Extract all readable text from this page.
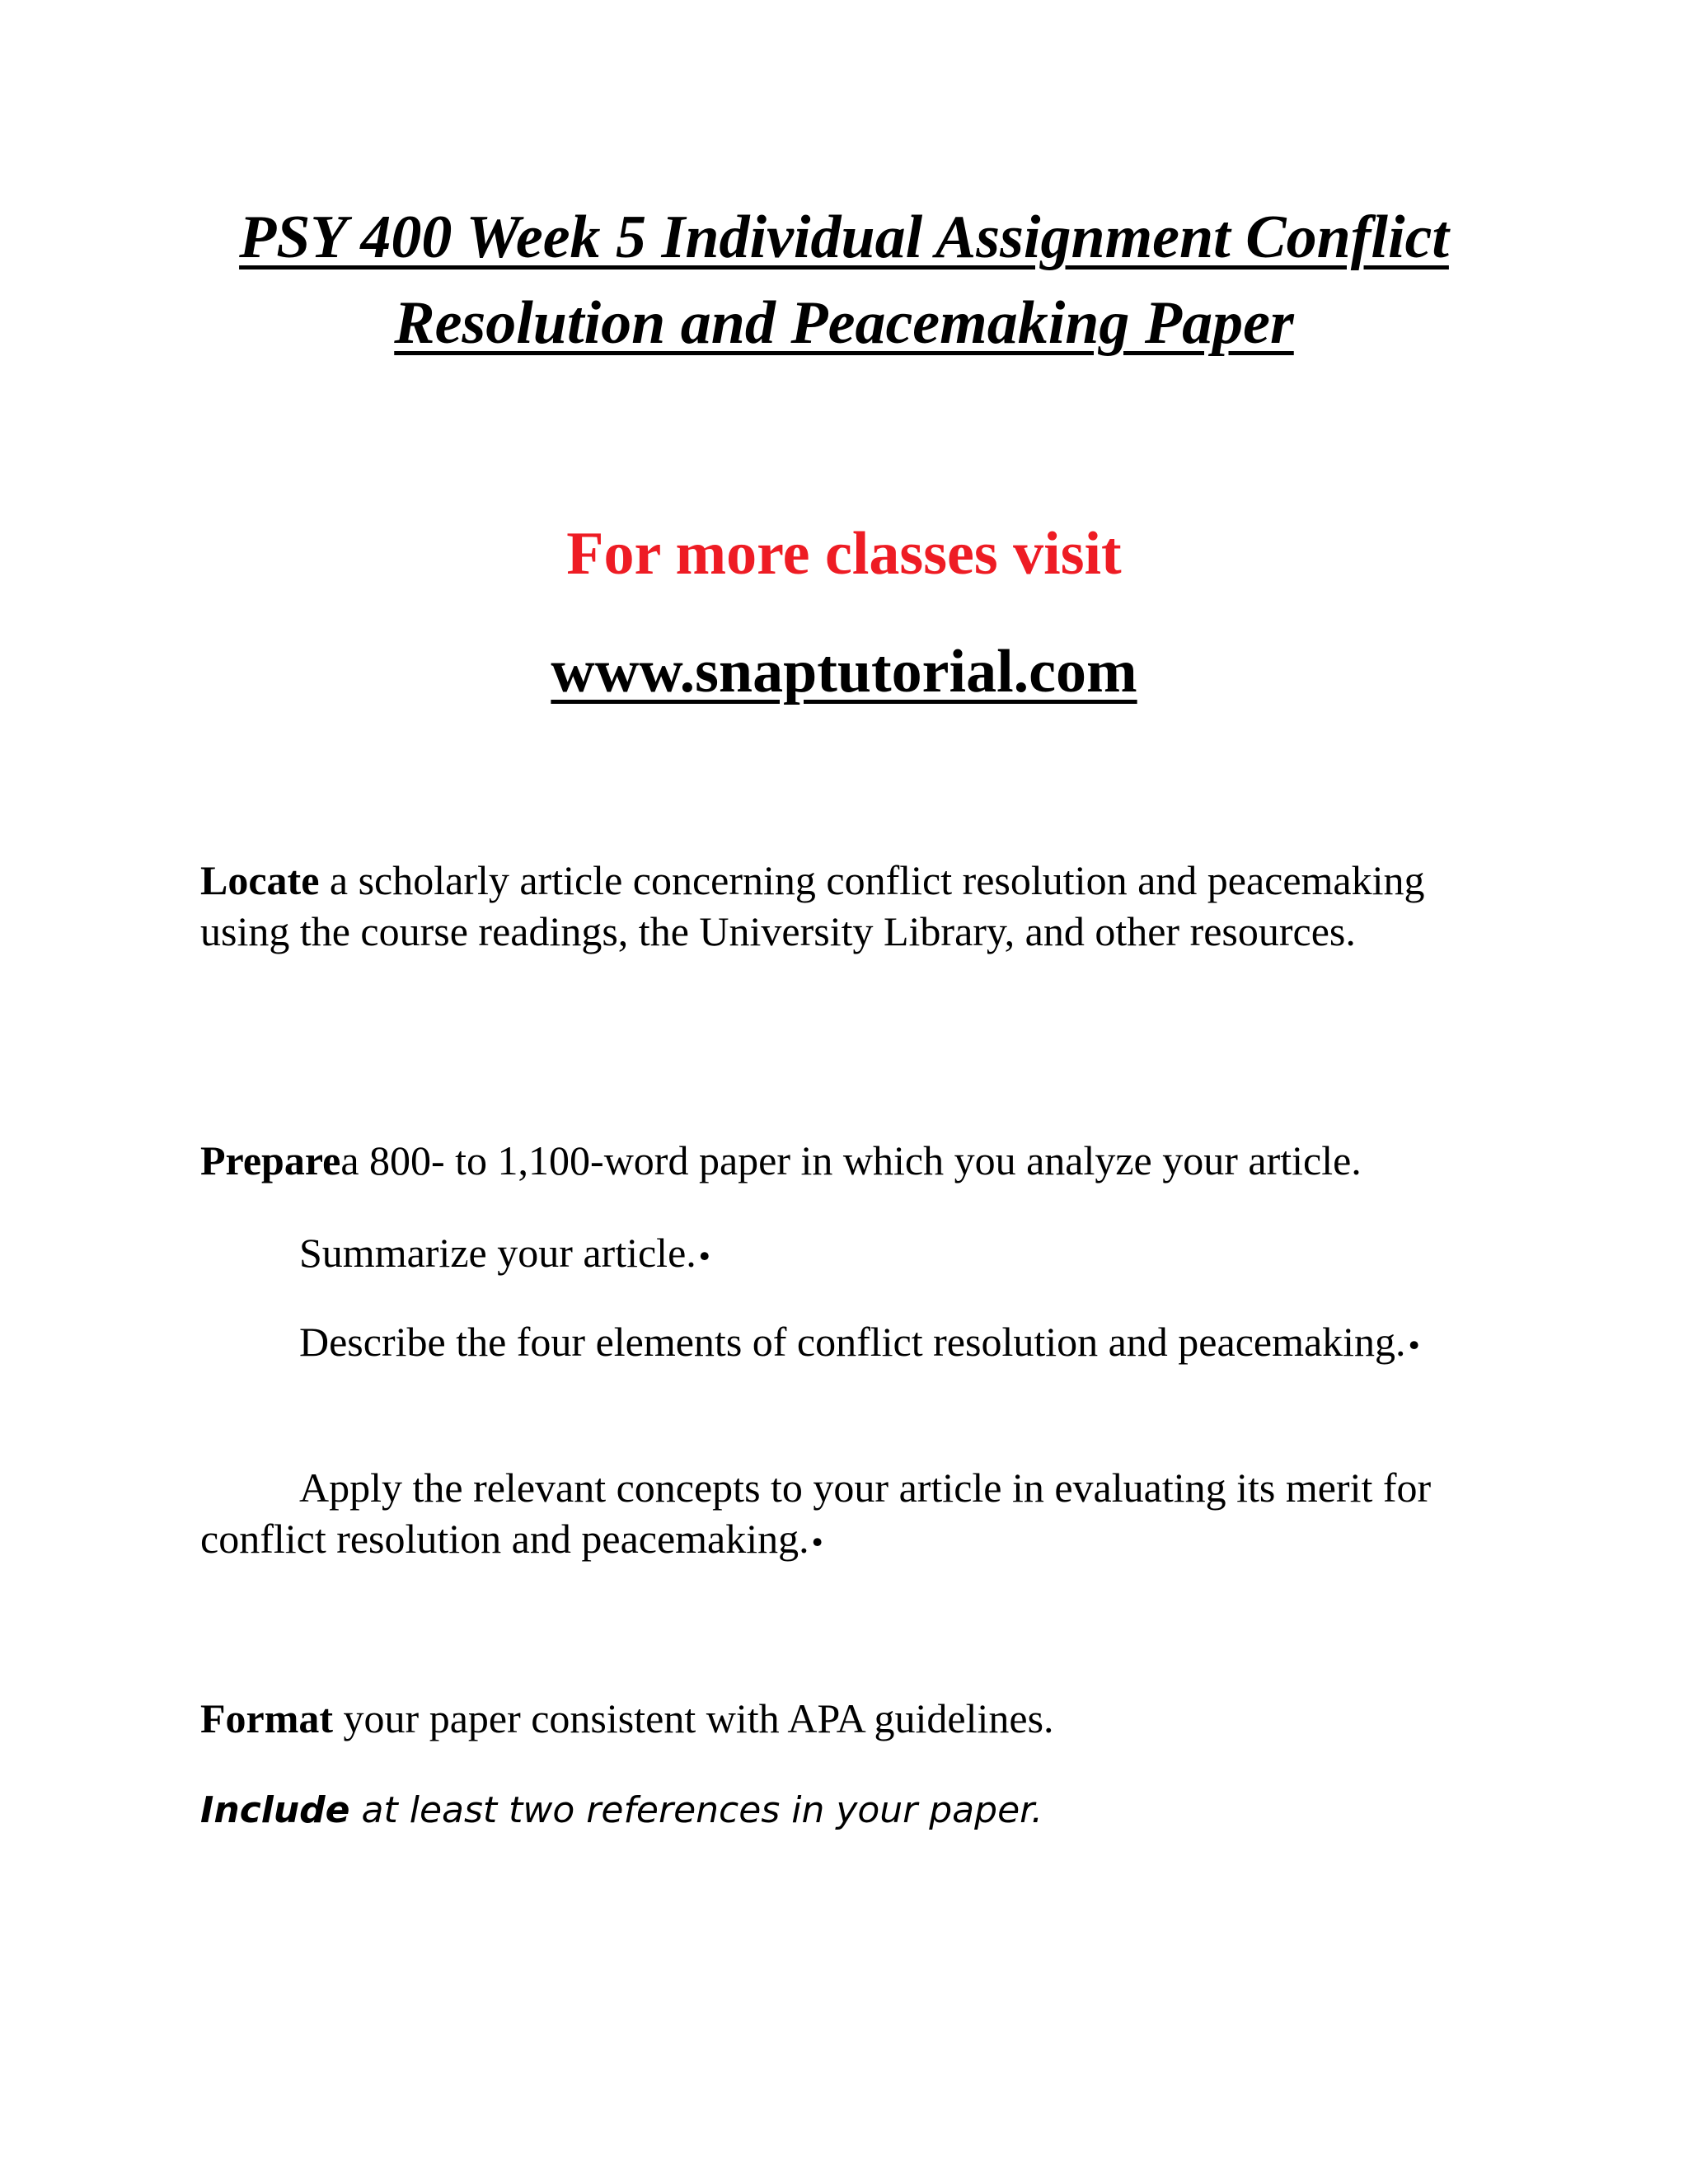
PSY 400 Week 5 Individual Assignment Conflict
Resolution and Peacemaking Paper

For more classes visit

www.snaptutorial.com

Locate a scholarly article concerning conflict resolution and peacemaking using the course readings, the University Library, and other resources.

Preparea 800- to 1,100-word paper in which you analyze your article.

Summarize your article.•

Describe the four elements of conflict resolution and peacemaking.•

Apply the relevant concepts to your article in evaluating its merit for conflict resolution and peacemaking.•

Format your paper consistent with APA guidelines.

Include at least two references in your paper.
